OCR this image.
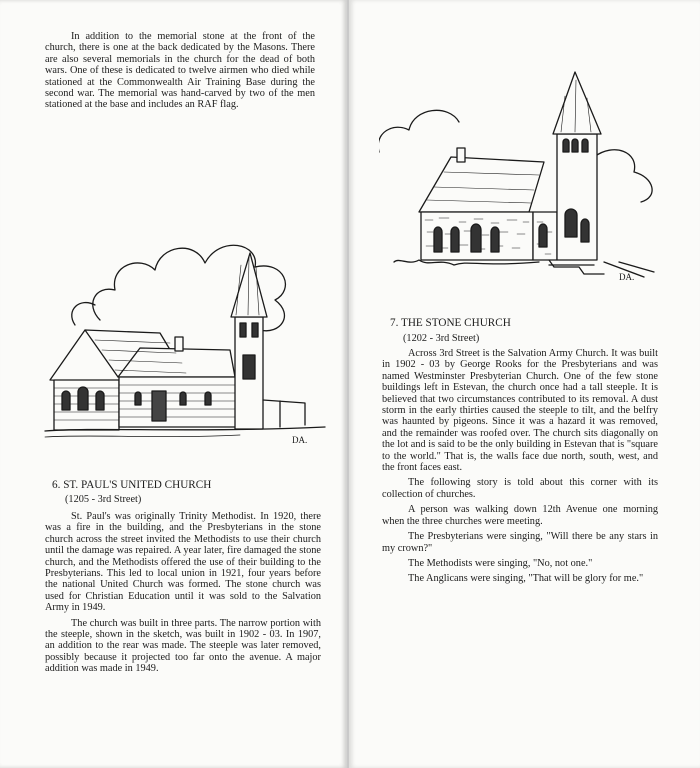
In addition to the memorial stone at the front of the church, there is one at the back dedicated by the Masons. There are also several memorials in the church for the dead of both wars. One of these is dedicated to twelve airmen who died while stationed at the Commonwealth Air Training Base during the second war. The memorial was hand-carved by two of the men stationed at the base and includes an RAF flag.

DA.
6. ST. PAUL'S UNITED CHURCH
(1205 - 3rd Street)

St. Paul's was originally Trinity Methodist. In 1920, there was a fire in the building, and the Presbyterians in the stone church across the street invited the Methodists to use their church until the damage was repaired. A year later, fire damaged the stone church, and the Methodists offered the use of their building to the Presbyterians. This led to local union in 1921, four years before the national United Church was formed. The stone church was used for Christian Education until it was sold to the Salvation Army in 1949.

The church was built in three parts. The narrow portion with the steeple, shown in the sketch, was built in 1902 - 03. In 1907, an addition to the rear was made. The steeple was later removed, possibly because it projected too far onto the avenue. A major addition was made in 1949.

DA.
7. THE STONE CHURCH
(1202 - 3rd Street)

Across 3rd Street is the Salvation Army Church. It was built in 1902 - 03 by George Rooks for the Presbyterians and was named Westminster Presbyterian Church. One of the few stone buildings left in Estevan, the church once had a tall steeple. It is believed that two circumstances contributed to its removal. A dust storm in the early thirties caused the steeple to tilt, and the belfry was haunted by pigeons. Since it was a hazard it was removed, and the remainder was roofed over. The church sits diagonally on the lot and is said to be the only building in Estevan that is "square to the world." That is, the walls face due north, south, west, and the front faces east.

The following story is told about this corner with its collection of churches.

A person was walking down 12th Avenue one morning when the three churches were meeting.

The Presbyterians were singing, "Will there be any stars in my crown?"

The Methodists were singing, "No, not one."

The Anglicans were singing, "That will be glory for me."
